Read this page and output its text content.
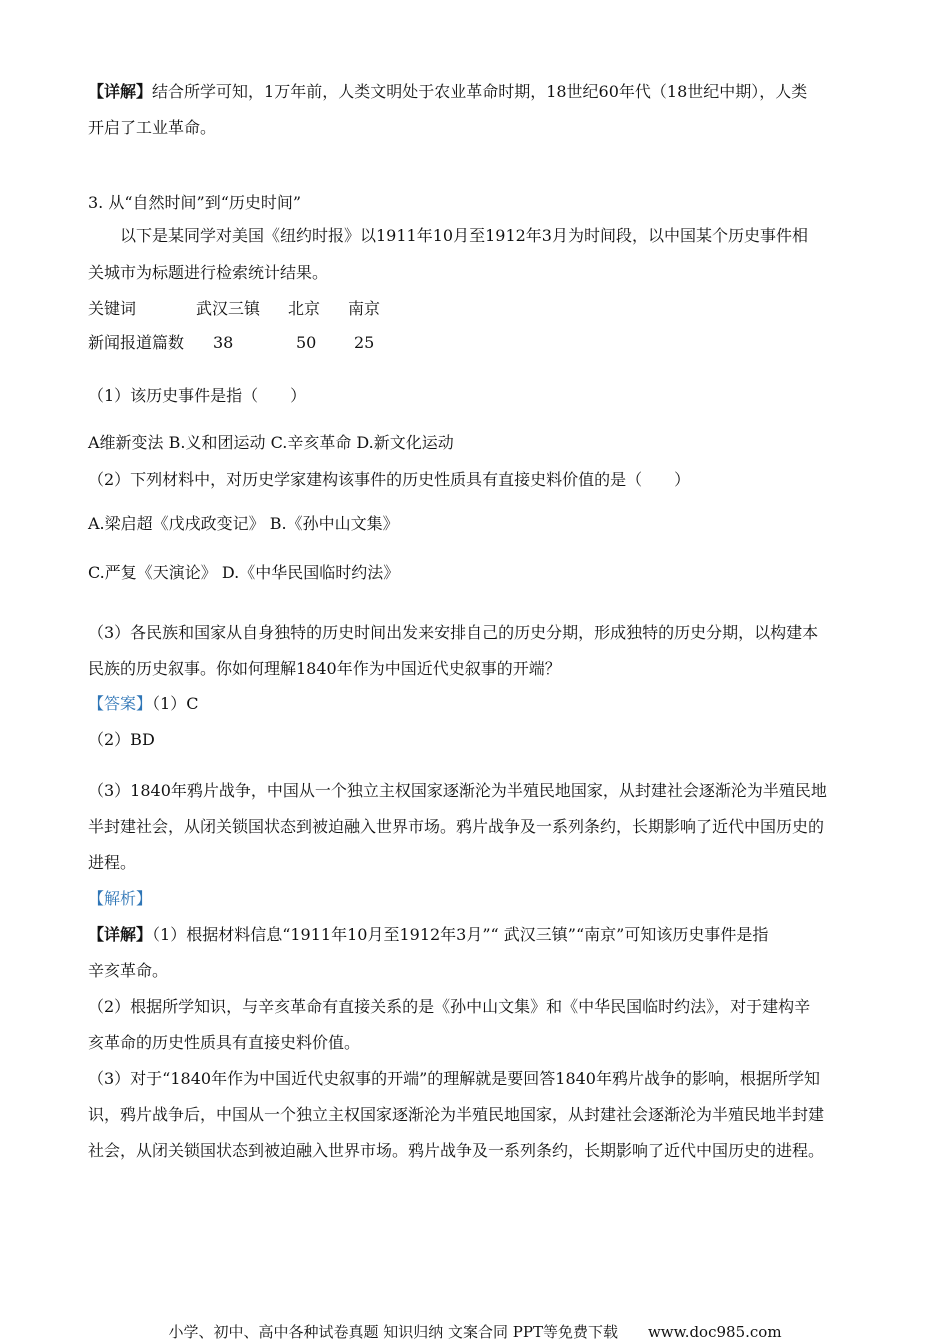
【详解】结合所学可知，1万年前，人类文明处于农业革命时期，18世纪60年代（18世纪中期），人类
开启了工业革命。
3. 从“自然时间”到“历史时间”
以下是某同学对美国《纽约时报》以1911年10月至1912年3月为时间段，以中国某个历史事件相
关城市为标题进行检索统计结果。
关键词	武汉三镇 北京 南京
新闻报道篇数 38	50 25
（1）该历史事件是指（　　）
A维新变法 B.义和团运动 C.辛亥革命 D.新文化运动
（2）下列材料中，对历史学家建构该事件的历史性质具有直接史料价值的是（　　）
A.梁启超《戊戌政变记》 B.《孙中山文集》
C.严复《天演论》 D.《中华民国临时约法》
（3）各民族和国家从自身独特的历史时间出发来安排自己的历史分期，形成独特的历史分期，以构建本
民族的历史叙事。你如何理解1840年作为中国近代史叙事的开端？
【答案】（1）C
（2）BD
（3）1840年鸦片战争，中国从一个独立主权国家逐渐沦为半殖民地国家，从封建社会逐渐沦为半殖民地
半封建社会，从闭关锁国状态到被迫融入世界市场。鸦片战争及一系列条约，长期影响了近代中国历史的
进程。
【解析】
【详解】（1）根据材料信息“1911年10月至1912年3月”“ 武汉三镇”“南京”可知该历史事件是指
辛亥革命。
（2）根据所学知识，与辛亥革命有直接关系的是《孙中山文集》和《中华民国临时约法》，对于建构辛
亥革命的历史性质具有直接史料价值。
（3）对于“1840年作为中国近代史叙事的开端”的理解就是要回答1840年鸦片战争的影响，根据所学知
识，鸦片战争后，中国从一个独立主权国家逐渐沦为半殖民地国家，从封建社会逐渐沦为半殖民地半封建
社会，从闭关锁国状态到被迫融入世界市场。鸦片战争及一系列条约，长期影响了近代中国历史的进程。
小学、初中、高中各种试卷真题 知识归纳 文案合同 PPT等免费下载　　www.doc985.com
